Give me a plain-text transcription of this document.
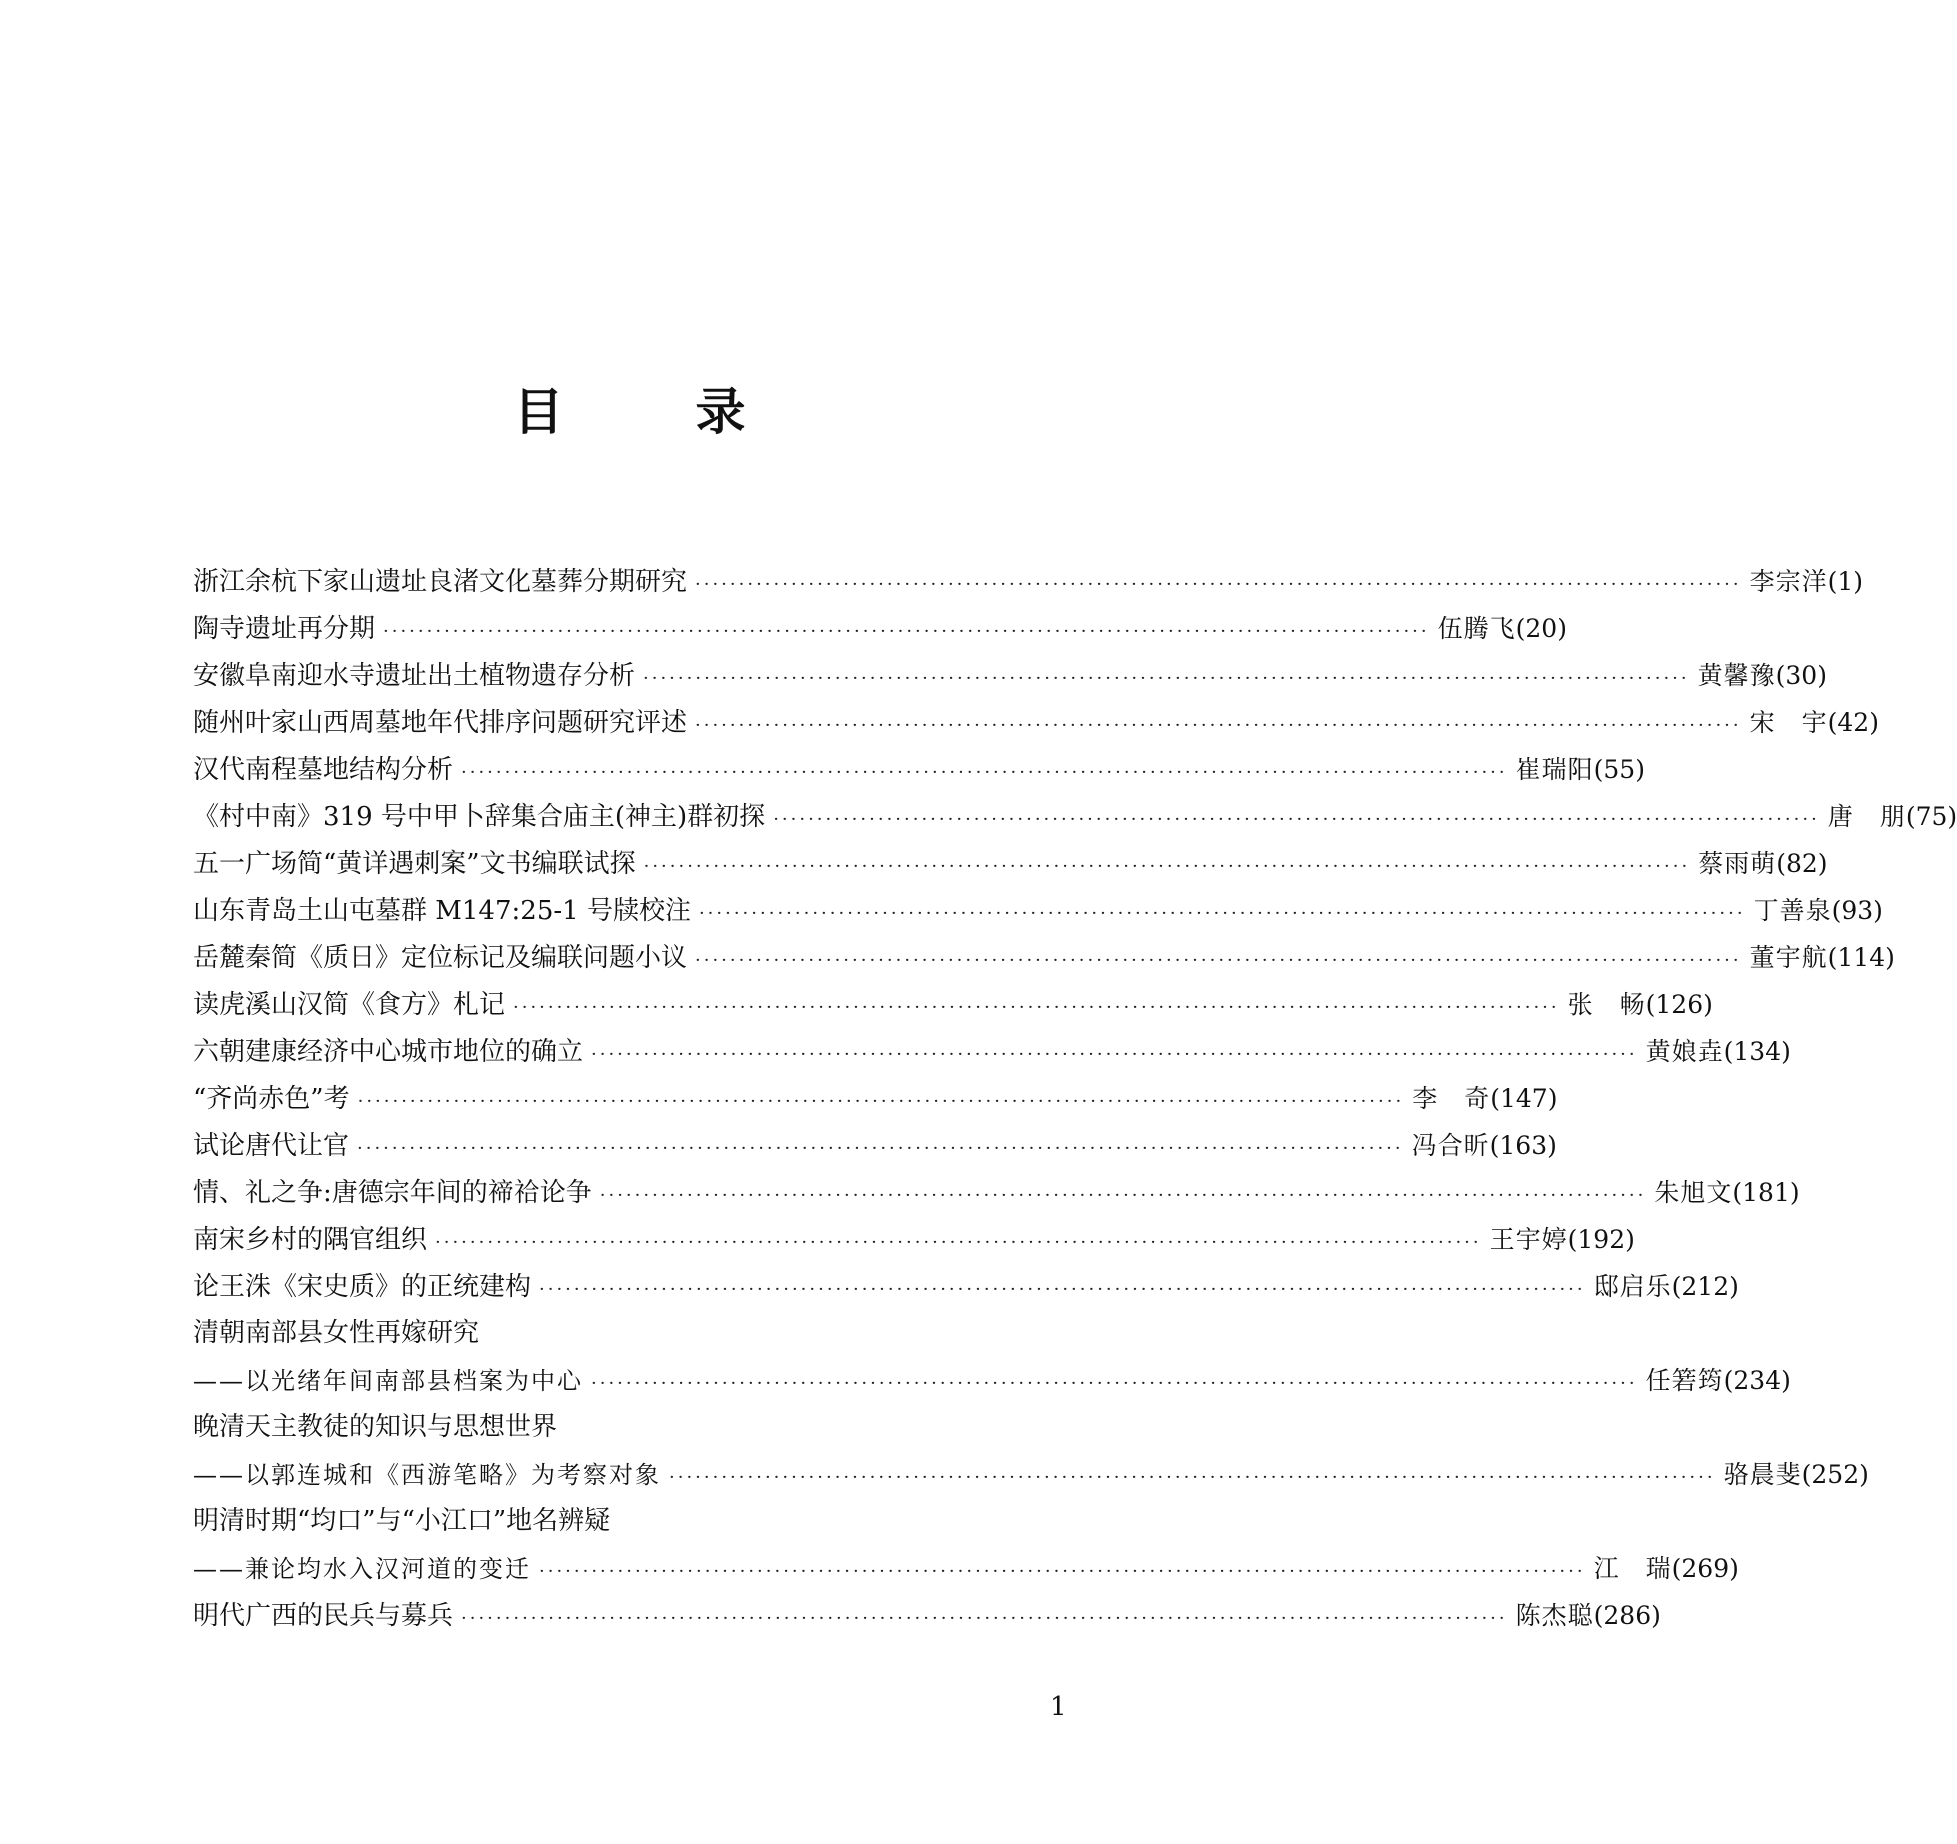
目	录
浙江余杭下家山遗址良渚文化墓葬分期研究 ························································································································ 李宗洋 (1)
陶寺遗址再分期 ························································································································ 伍腾飞 (20)
安徽阜南迎水寺遗址出土植物遗存分析 ························································································································ 黄馨豫 (30)
随州叶家山西周墓地年代排序问题研究评述 ························································································································ 宋　宇 (42)
汉代南程墓地结构分析 ························································································································ 崔瑞阳 (55)
《村中南》319 号中甲卜辞集合庙主(神主)群初探 ························································································································ 唐　朋 (75)
五一广场简“黄详遇刺案”文书编联试探 ························································································································ 蔡雨萌 (82)
山东青岛土山屯墓群 M147:25-1 号牍校注 ························································································································ 丁善泉 (93)
岳麓秦简《质日》定位标记及编联问题小议 ························································································································ 董宇航 (114)
读虎溪山汉简《食方》札记 ························································································································ 张　畅 (126)
六朝建康经济中心城市地位的确立 ························································································································ 黄娘垚 (134)
“齐尚赤色”考 ························································································································ 李　奇 (147)
试论唐代让官 ························································································································ 冯合昕 (163)
情、礼之争:唐德宗年间的禘祫论争 ························································································································ 朱旭文 (181)
南宋乡村的隅官组织 ························································································································ 王宇婷 (192)
论王洙《宋史质》的正统建构 ························································································································ 邸启乐 (212)
清朝南部县女性再嫁研究
——以光绪年间南部县档案为中心 ························································································································ 任箬筠 (234)
晚清天主教徒的知识与思想世界
——以郭连城和《西游笔略》为考察对象 ························································································································ 骆晨斐 (252)
明清时期“均口”与“小江口”地名辨疑
——兼论均水入汉河道的变迁 ························································································································ 江　瑞 (269)
明代广西的民兵与募兵 ························································································································ 陈杰聪 (286)
1
